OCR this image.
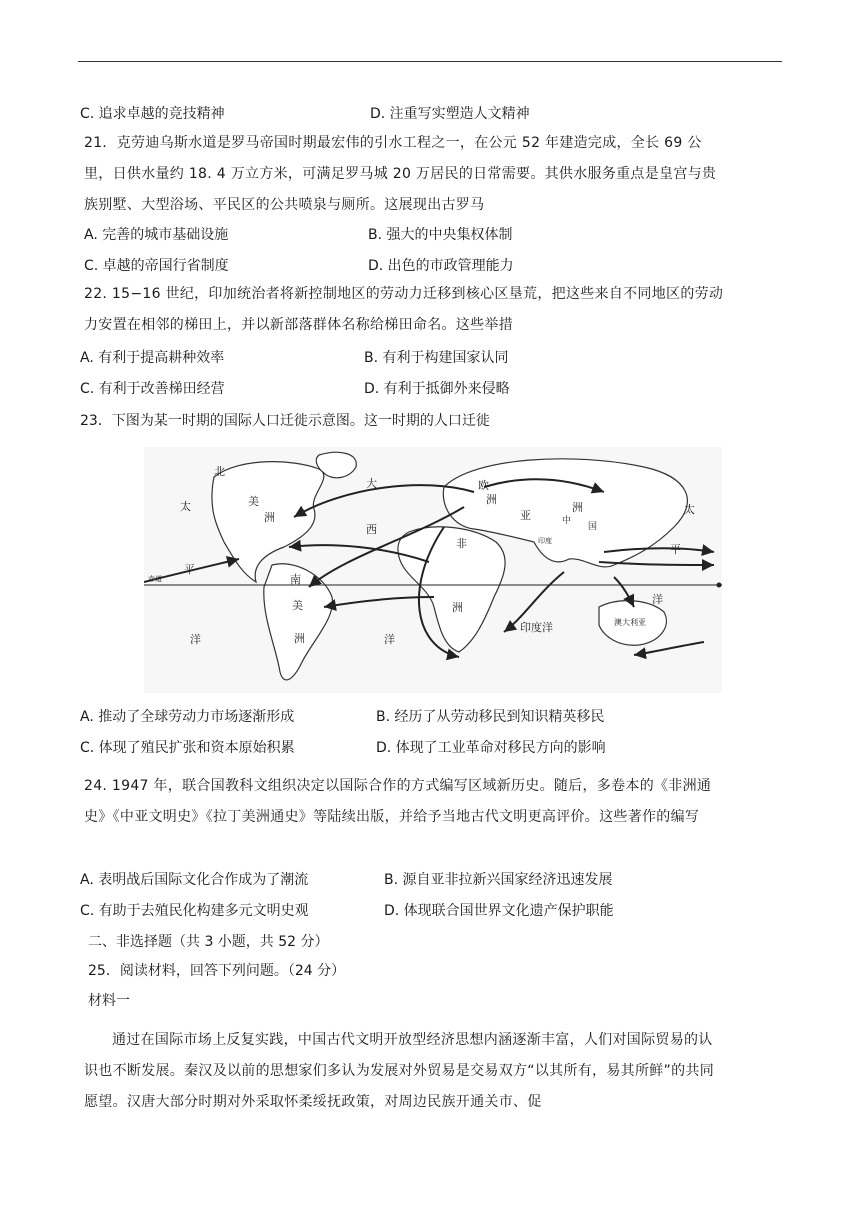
C. 追求卓越的竞技精神	D. 注重写实塑造人文精神
21．克劳迪乌斯水道是罗马帝国时期最宏伟的引水工程之一，在公元 52 年建造完成，全长 69 公里，日供水量约 18. 4 万立方米，可满足罗马城 20 万居民的日常需要。其供水服务重点是皇宫与贵族别墅、大型浴场、平民区的公共喷泉与厕所。这展现出古罗马
A. 完善的城市基础设施	B. 强大的中央集权体制
C. 卓越的帝国行省制度	D. 出色的市政管理能力
22. 15−16 世纪，印加统治者将新控制地区的劳动力迁移到核心区垦荒，把这些来自不同地区的劳动力安置在相邻的梯田上，并以新部落群体名称给梯田命名。这些举措
A. 有利于提高耕种效率	B. 有利于构建国家认同
C. 有利于改善梯田经营	D. 有利于抵御外来侵略
23．下图为某一时期的国际人口迁徙示意图。这一时期的人口迁徙
北
大
太	美
洲
平
洋
西
南
美
洲	洋
非
洲
欧
洲
亚	中
国
洲
印度
太
平
洋
印度洋	澳大利亚
赤道
A. 推动了全球劳动力市场逐渐形成	B. 经历了从劳动移民到知识精英移民
C. 体现了殖民扩张和资本原始积累	D. 体现了工业革命对移民方向的影响
24. 1947 年，联合国教科文组织决定以国际合作的方式编写区域新历史。随后，多卷本的《非洲通史》《中亚文明史》《拉丁美洲通史》等陆续出版，并给予当地古代文明更高评价。这些著作的编写
A. 表明战后国际文化合作成为了潮流	B. 源自亚非拉新兴国家经济迅速发展
C. 有助于去殖民化构建多元文明史观	D. 体现联合国世界文化遗产保护职能
二、非选择题（共 3 小题，共 52 分）
25．阅读材料，回答下列问题。（24 分）
材料一
通过在国际市场上反复实践，中国古代文明开放型经济思想内涵逐渐丰富，人们对国际贸易的认识也不断发展。秦汉及以前的思想家们多认为发展对外贸易是交易双方“以其所有，易其所鲜”的共同愿望。汉唐大部分时期对外采取怀柔绥抚政策，对周边民族开通关市、促
